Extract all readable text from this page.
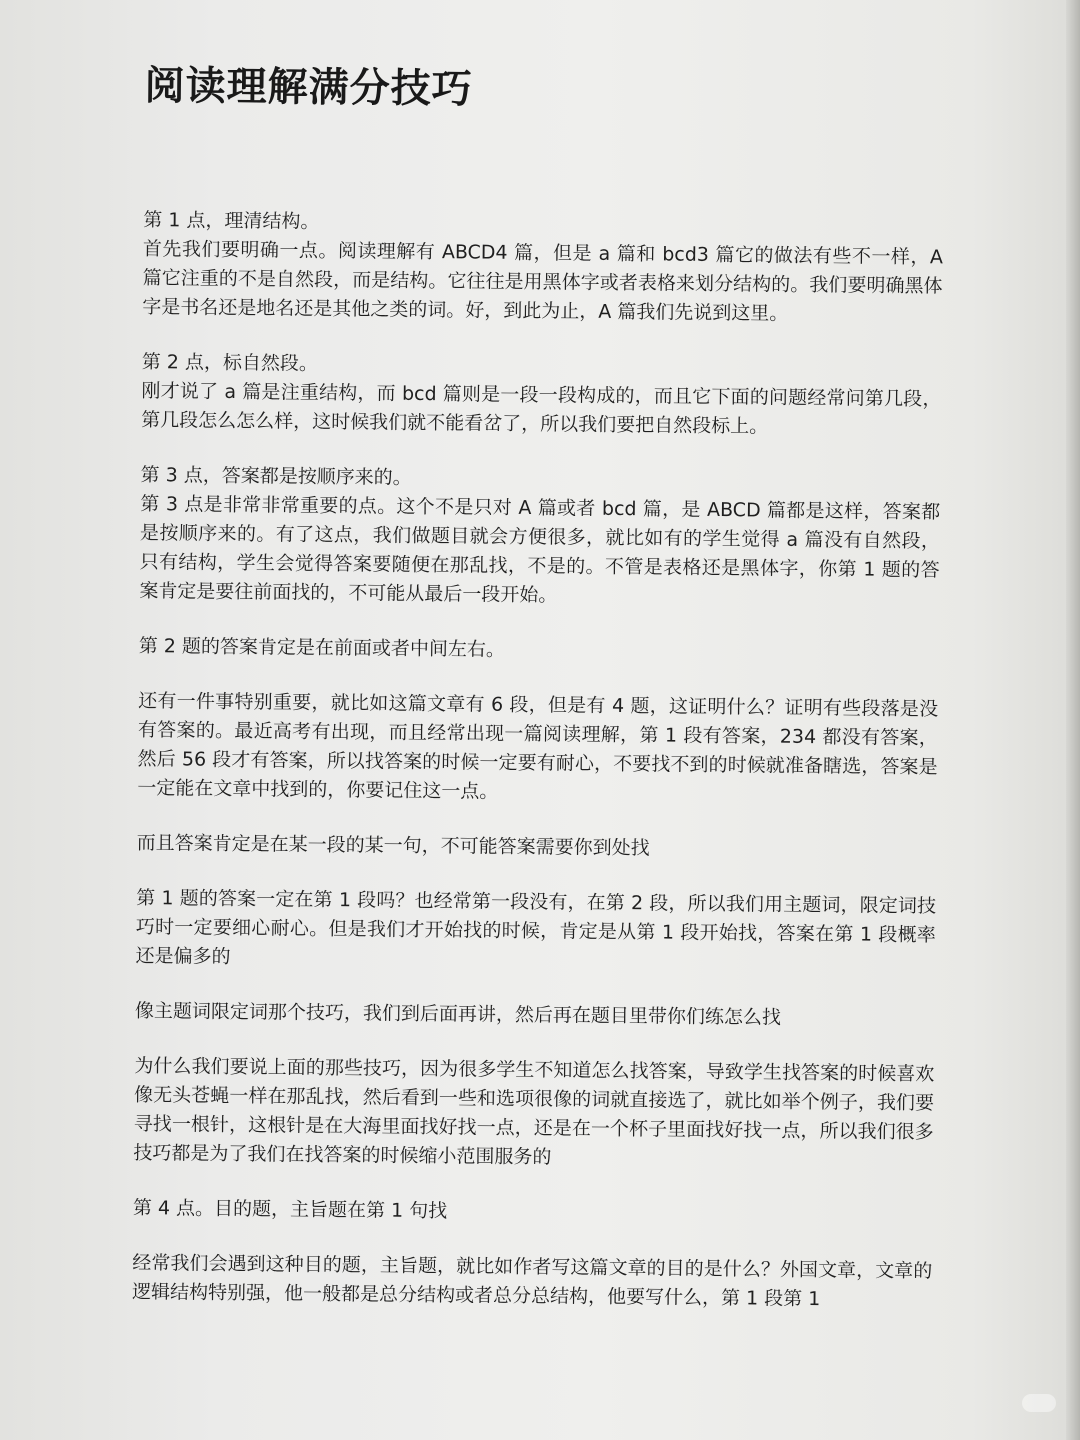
阅读理解满分技巧
第 1 点，理清结构。
首先我们要明确一点。阅读理解有 ABCD4 篇，但是 a 篇和 bcd3 篇它的做法有些不一样，A 篇它注重的不是自然段，而是结构。它往往是用黑体字或者表格来划分结构的。我们要明确黑体字是书名还是地名还是其他之类的词。好，到此为止，A 篇我们先说到这里。
第 2 点，标自然段。
刚才说了 a 篇是注重结构，而 bcd 篇则是一段一段构成的，而且它下面的问题经常问第几段，第几段怎么怎么样，这时候我们就不能看岔了，所以我们要把自然段标上。
第 3 点，答案都是按顺序来的。
第 3 点是非常非常重要的点。这个不是只对 A 篇或者 bcd 篇，是 ABCD 篇都是这样，答案都是按顺序来的。有了这点，我们做题目就会方便很多，就比如有的学生觉得 a 篇没有自然段，只有结构，学生会觉得答案要随便在那乱找，不是的。不管是表格还是黑体字，你第 1 题的答案肯定是要往前面找的，不可能从最后一段开始。
第 2 题的答案肯定是在前面或者中间左右。
还有一件事特别重要，就比如这篇文章有 6 段，但是有 4 题，这证明什么？证明有些段落是没有答案的。最近高考有出现，而且经常出现一篇阅读理解，第 1 段有答案，234 都没有答案，然后 56 段才有答案，所以找答案的时候一定要有耐心，不要找不到的时候就准备瞎选，答案是一定能在文章中找到的，你要记住这一点。
而且答案肯定是在某一段的某一句，不可能答案需要你到处找
第 1 题的答案一定在第 1 段吗？也经常第一段没有，在第 2 段，所以我们用主题词，限定词技巧时一定要细心耐心。但是我们才开始找的时候，肯定是从第 1 段开始找，答案在第 1 段概率还是偏多的
像主题词限定词那个技巧，我们到后面再讲，然后再在题目里带你们练怎么找
为什么我们要说上面的那些技巧，因为很多学生不知道怎么找答案，导致学生找答案的时候喜欢像无头苍蝇一样在那乱找，然后看到一些和选项很像的词就直接选了，就比如举个例子，我们要寻找一根针，这根针是在大海里面找好找一点，还是在一个杯子里面找好找一点，所以我们很多技巧都是为了我们在找答案的时候缩小范围服务的
第 4 点。目的题，主旨题在第 1 句找
经常我们会遇到这种目的题，主旨题，就比如作者写这篇文章的目的是什么？外国文章，文章的逻辑结构特别强，他一般都是总分结构或者总分总结构，他要写什么，第 1 段第 1
